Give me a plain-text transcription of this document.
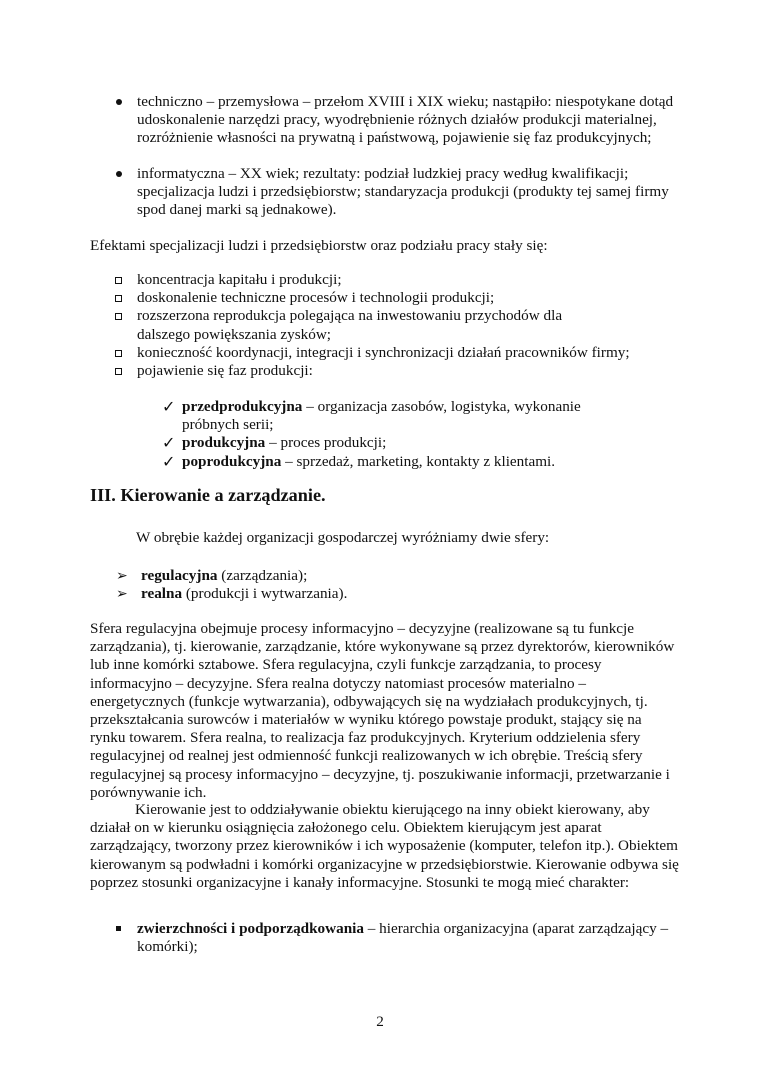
techniczno – przemysłowa – przełom XVIII i XIX wieku; nastąpiło: niespotykane dotąd udoskonalenie narzędzi pracy, wyodrębnienie różnych działów produkcji materialnej, rozróżnienie własności na prywatną i państwową, pojawienie się faz produkcyjnych;
informatyczna – XX wiek; rezultaty: podział ludzkiej pracy według kwalifikacji; specjalizacja ludzi i przedsiębiorstw; standaryzacja produkcji (produkty tej samej firmy spod danej marki są jednakowe).

Efektami specjalizacji ludzi i przedsiębiorstw oraz podziału pracy stały się:

koncentracja kapitału i produkcji;
doskonalenie techniczne procesów i technologii produkcji;
rozszerzona reprodukcja polegająca na inwestowaniu przychodów dla dalszego powiększania zysków;
konieczność koordynacji, integracji i synchronizacji działań pracowników firmy;
pojawienie się faz produkcji:
✓ przedprodukcyjna – organizacja zasobów, logistyka, wykonanie próbnych serii;
✓ produkcyjna – proces produkcji;
✓ poprodukcyjna – sprzedaż, marketing, kontakty z klientami.
III. Kierowanie a zarządzanie.

W obrębie każdej organizacji gospodarczej wyróżniamy dwie sfery:

➢ regulacyjna (zarządzania);
➢ realna (produkcji i wytwarzania).

Sfera regulacyjna obejmuje procesy informacyjno – decyzyjne (realizowane są tu funkcje zarządzania), tj. kierowanie, zarządzanie, które wykonywane są przez dyrektorów, kierowników lub inne komórki sztabowe. Sfera regulacyjna, czyli funkcje zarządzania, to procesy informacyjno – decyzyjne. Sfera realna dotyczy natomiast procesów materialno – energetycznych (funkcje wytwarzania), odbywających się na wydziałach produkcyjnych, tj. przekształcania surowców i materiałów w wyniku którego powstaje produkt, stający się na rynku towarem. Sfera realna, to realizacja faz produkcyjnych. Kryterium oddzielenia sfery regulacyjnej od realnej jest odmienność funkcji realizowanych w ich obrębie. Treścią sfery regulacyjnej są procesy informacyjno – decyzyjne, tj. poszukiwanie informacji, przetwarzanie i porównywanie ich.

Kierowanie jest to oddziaływanie obiektu kierującego na inny obiekt kierowany, aby działał on w kierunku osiągnięcia założonego celu. Obiektem kierującym jest aparat zarządzający, tworzony przez kierowników i ich wyposażenie (komputer, telefon itp.). Obiektem kierowanym są podwładni i komórki organizacyjne w przedsiębiorstwie. Kierowanie odbywa się poprzez stosunki organizacyjne i kanały informacyjne. Stosunki te mogą mieć charakter:

zwierzchności i podporządkowania – hierarchia organizacyjna (aparat zarządzający – komórki);
2
